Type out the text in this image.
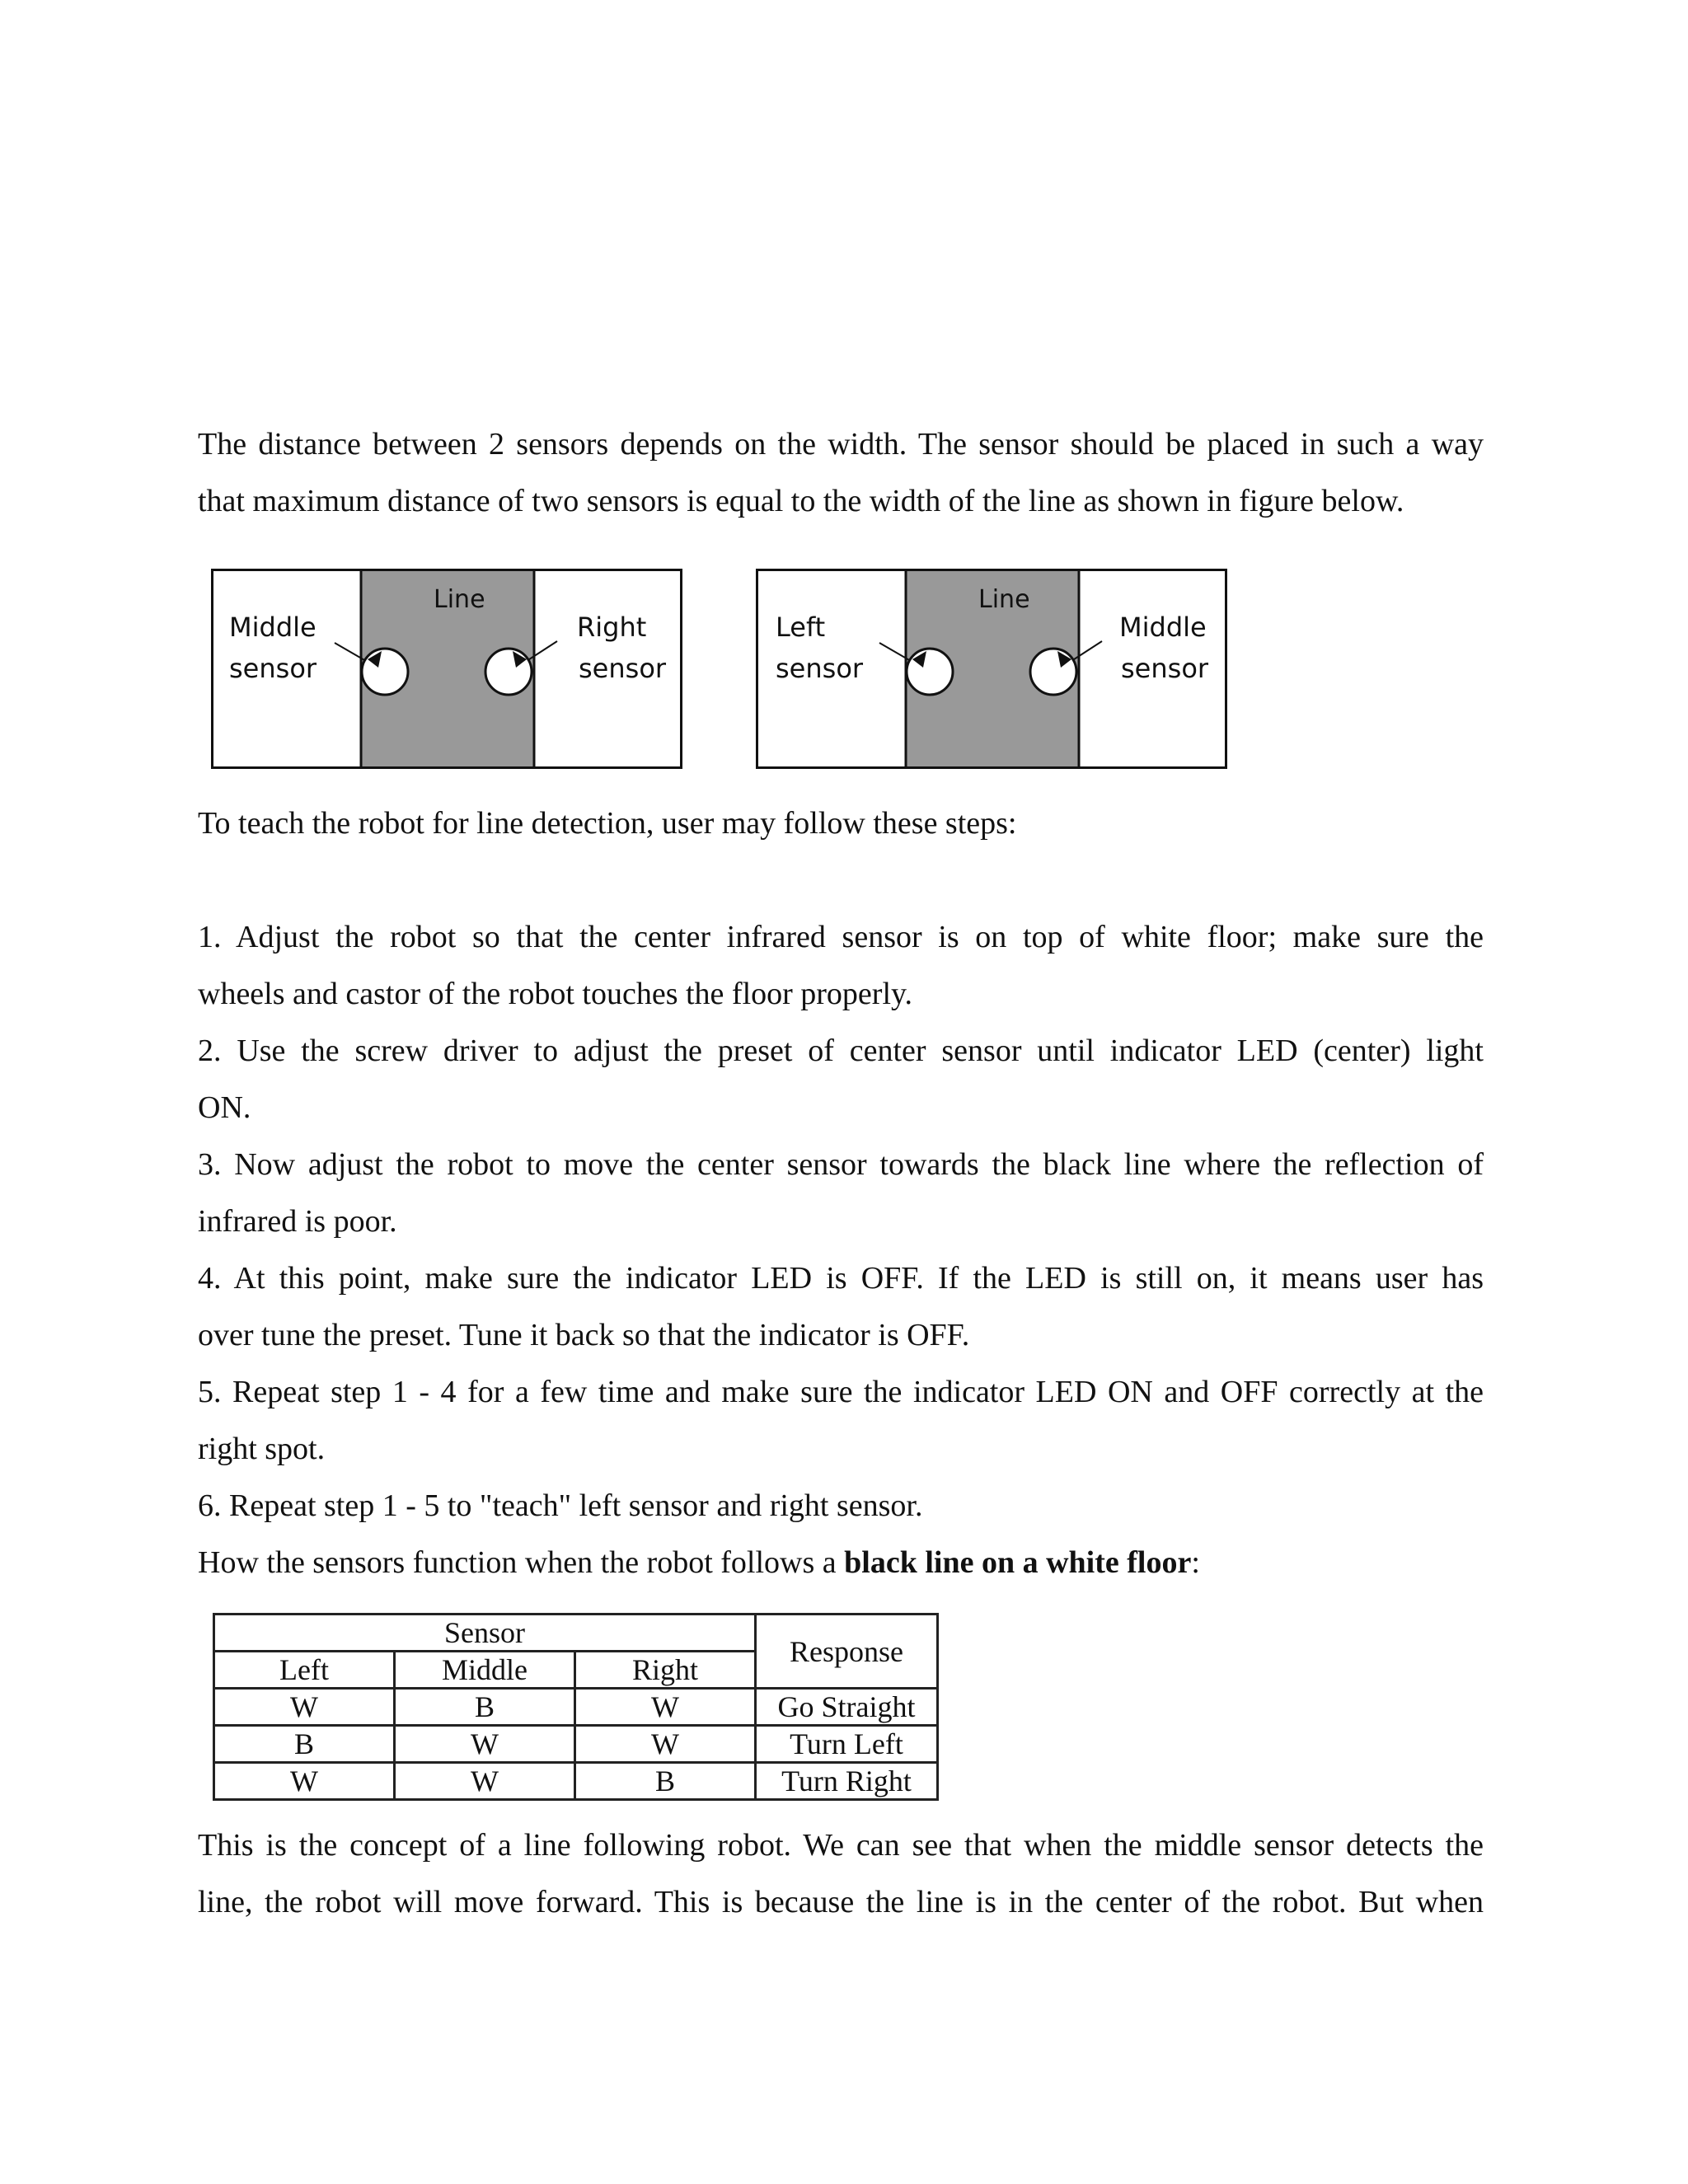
The distance between 2 sensors depends on the width. The sensor should be placed in such a way
that maximum distance of two sensors is equal to the width of the line as shown in figure below.
Line
Middle
sensor
Right
sensor
Line
Left
sensor
Middle
sensor
To teach the robot for line detection, user may follow these steps:
1. Adjust the robot so that the center infrared sensor is on top of white floor; make sure the
wheels and castor of the robot touches the floor properly.
2. Use the screw driver to adjust the preset of center sensor until indicator LED (center) light
ON.
3. Now adjust the robot to move the center sensor towards the black line where the reflection of
infrared is poor.
4. At this point, make sure the indicator LED is OFF. If the LED is still on, it means user has
over tune the preset. Tune it back so that the indicator is OFF.
5. Repeat step 1 - 4 for a few time and make sure the indicator LED ON and OFF correctly at the
right spot.
6. Repeat step 1 - 5 to "teach" left sensor and right sensor.
How the sensors function when the robot follows a black line on a white floor:
Sensor			Response
Left	Middle	Right	
W	B	W	Go Straight
B	W	W	Turn Left
W	W	B	Turn Right
This is the concept of a line following robot. We can see that when the middle sensor detects the
line, the robot will move forward. This is because the line is in the center of the robot. But when
